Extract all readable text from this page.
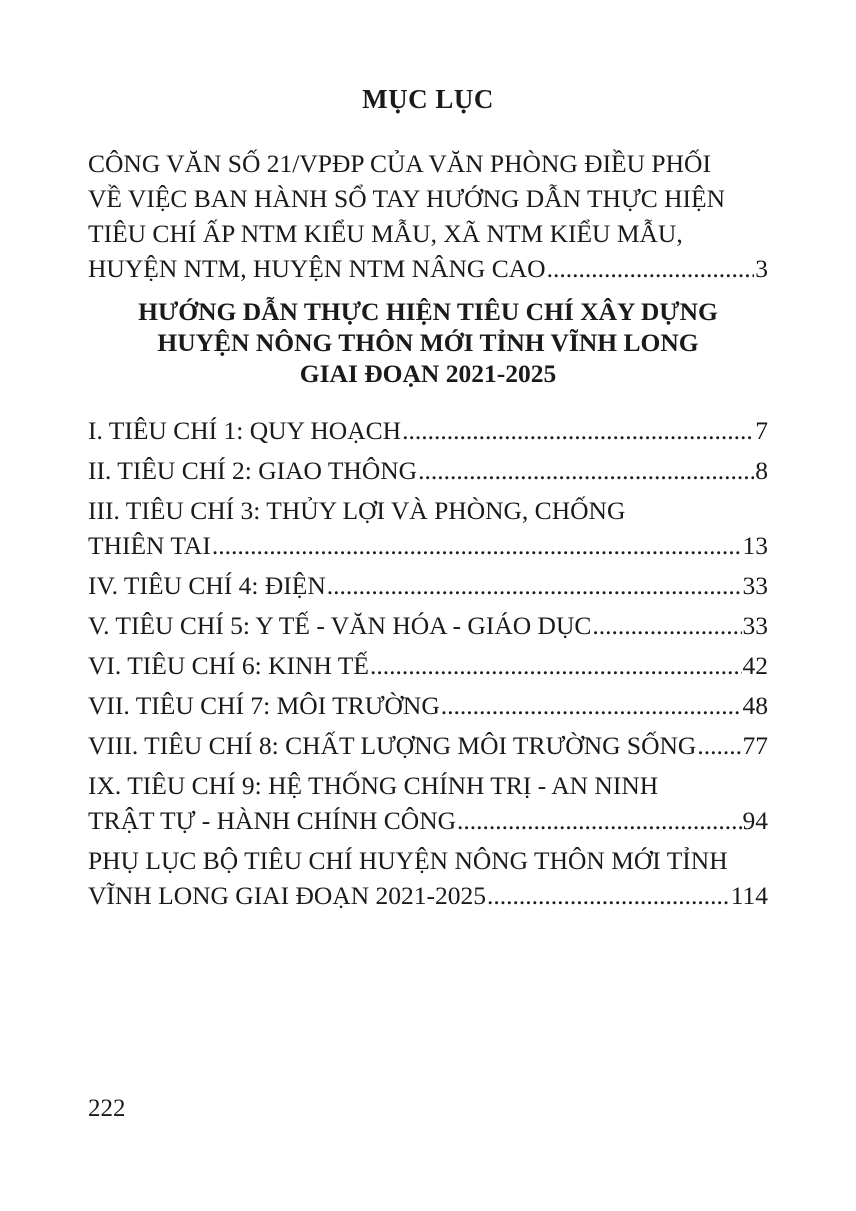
MỤC LỤC
CÔNG VĂN SỐ 21/VPĐP CỦA VĂN PHÒNG ĐIỀU PHỐI
VỀ VIỆC BAN HÀNH SỔ TAY HƯỚNG DẪN THỰC HIỆN
TIÊU CHÍ ẤP NTM KIỂU MẪU, XÃ NTM KIỂU MẪU,
HUYỆN NTM, HUYỆN NTM NÂNG CAO .....	3
HƯỚNG DẪN THỰC HIỆN TIÊU CHÍ XÂY DỰNG
HUYỆN NÔNG THÔN MỚI TỈNH VĨNH LONG
GIAI ĐOẠN 2021-2025
I. TIÊU CHÍ 1: QUY HOẠCH .....	7
II. TIÊU CHÍ 2: GIAO THÔNG .....	8
III. TIÊU CHÍ 3: THỦY LỢI VÀ PHÒNG, CHỐNG
THIÊN TAI .....	13
IV. TIÊU CHÍ 4: ĐIỆN .....	33
V. TIÊU CHÍ 5: Y TẾ - VĂN HÓA - GIÁO DỤC .....	33
VI. TIÊU CHÍ 6: KINH TẾ .....	42
VII. TIÊU CHÍ 7: MÔI TRƯỜNG .....	48
VIII. TIÊU CHÍ 8: CHẤT LƯỢNG MÔI TRƯỜNG SỐNG ..... 77
IX. TIÊU CHÍ 9: HỆ THỐNG CHÍNH TRỊ - AN NINH
TRẬT TỰ - HÀNH CHÍNH CÔNG .....	94
PHỤ LỤC BỘ TIÊU CHÍ HUYỆN NÔNG THÔN MỚI TỈNH
VĨNH LONG GIAI ĐOẠN 2021-2025 .....	114
222
